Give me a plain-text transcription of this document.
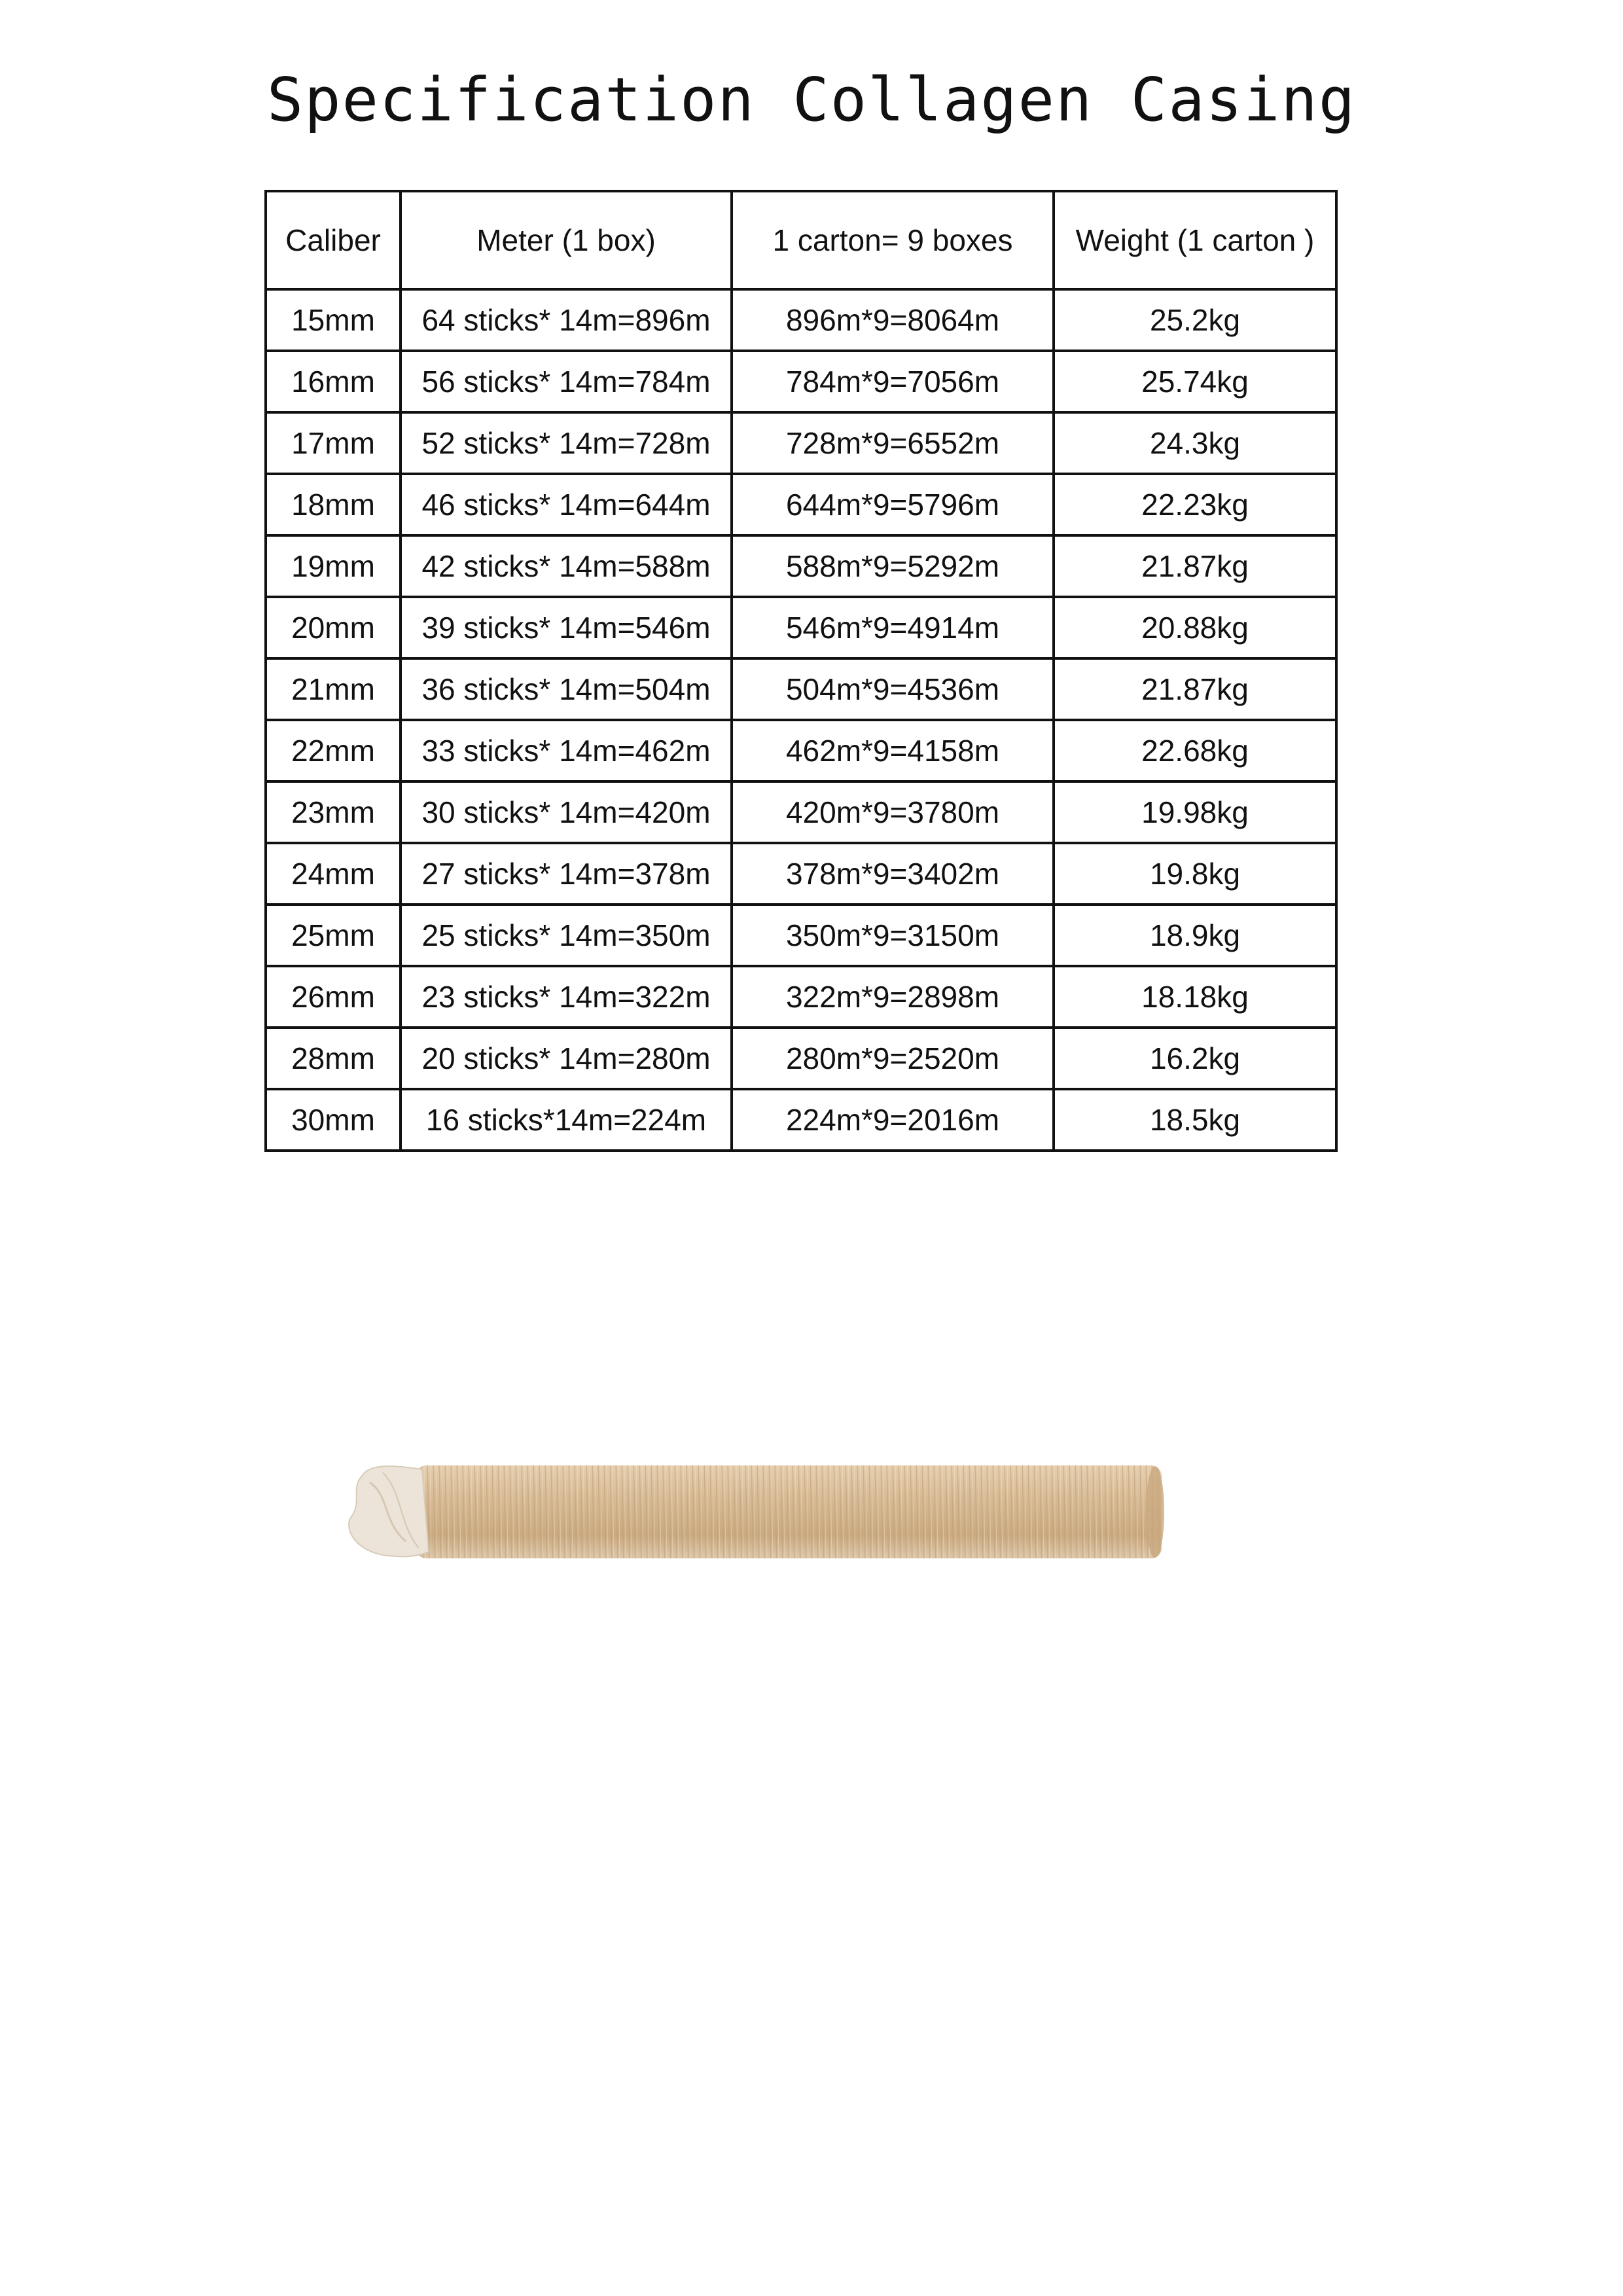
Specification Collagen Casing
Caliber	Meter (1 box)	1 carton= 9 boxes	Weight (1 carton )
15mm	64 sticks* 14m=896m	896m*9=8064m	25.2kg
16mm	56 sticks* 14m=784m	784m*9=7056m	25.74kg
17mm	52 sticks* 14m=728m	728m*9=6552m	24.3kg
18mm	46 sticks* 14m=644m	644m*9=5796m	22.23kg
19mm	42 sticks* 14m=588m	588m*9=5292m	21.87kg
20mm	39 sticks* 14m=546m	546m*9=4914m	20.88kg
21mm	36 sticks* 14m=504m	504m*9=4536m	21.87kg
22mm	33 sticks* 14m=462m	462m*9=4158m	22.68kg
23mm	30 sticks* 14m=420m	420m*9=3780m	19.98kg
24mm	27 sticks* 14m=378m	378m*9=3402m	19.8kg
25mm	25 sticks* 14m=350m	350m*9=3150m	18.9kg
26mm	23 sticks* 14m=322m	322m*9=2898m	18.18kg
28mm	20 sticks* 14m=280m	280m*9=2520m	16.2kg
30mm	16 sticks*14m=224m	224m*9=2016m	18.5kg
